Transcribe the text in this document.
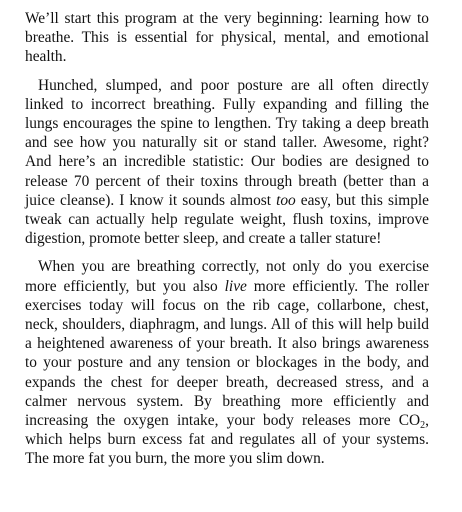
We’ll start this program at the very beginning: learning how to breathe. This is essential for physical, mental, and emotional health.

Hunched, slumped, and poor posture are all often directly linked to incorrect breathing. Fully expanding and filling the lungs encourages the spine to lengthen. Try taking a deep breath and see how you naturally sit or stand taller. Awesome, right? And here’s an incredible statistic: Our bodies are designed to release 70 percent of their toxins through breath (better than a juice cleanse). I know it sounds almost too easy, but this simple tweak can actually help regulate weight, flush toxins, improve digestion, promote better sleep, and create a taller stature!

When you are breathing correctly, not only do you exercise more efficiently, but you also live more efficiently. The roller exercises today will focus on the rib cage, collarbone, chest, neck, shoulders, diaphragm, and lungs. All of this will help build a heightened awareness of your breath. It also brings awareness to your posture and any tension or blockages in the body, and expands the chest for deeper breath, decreased stress, and a calmer nervous system. By breathing more efficiently and increasing the oxygen intake, your body releases more $CO_2$, which helps burn excess fat and regulates all of your systems. The more fat you burn, the more you slim down.
